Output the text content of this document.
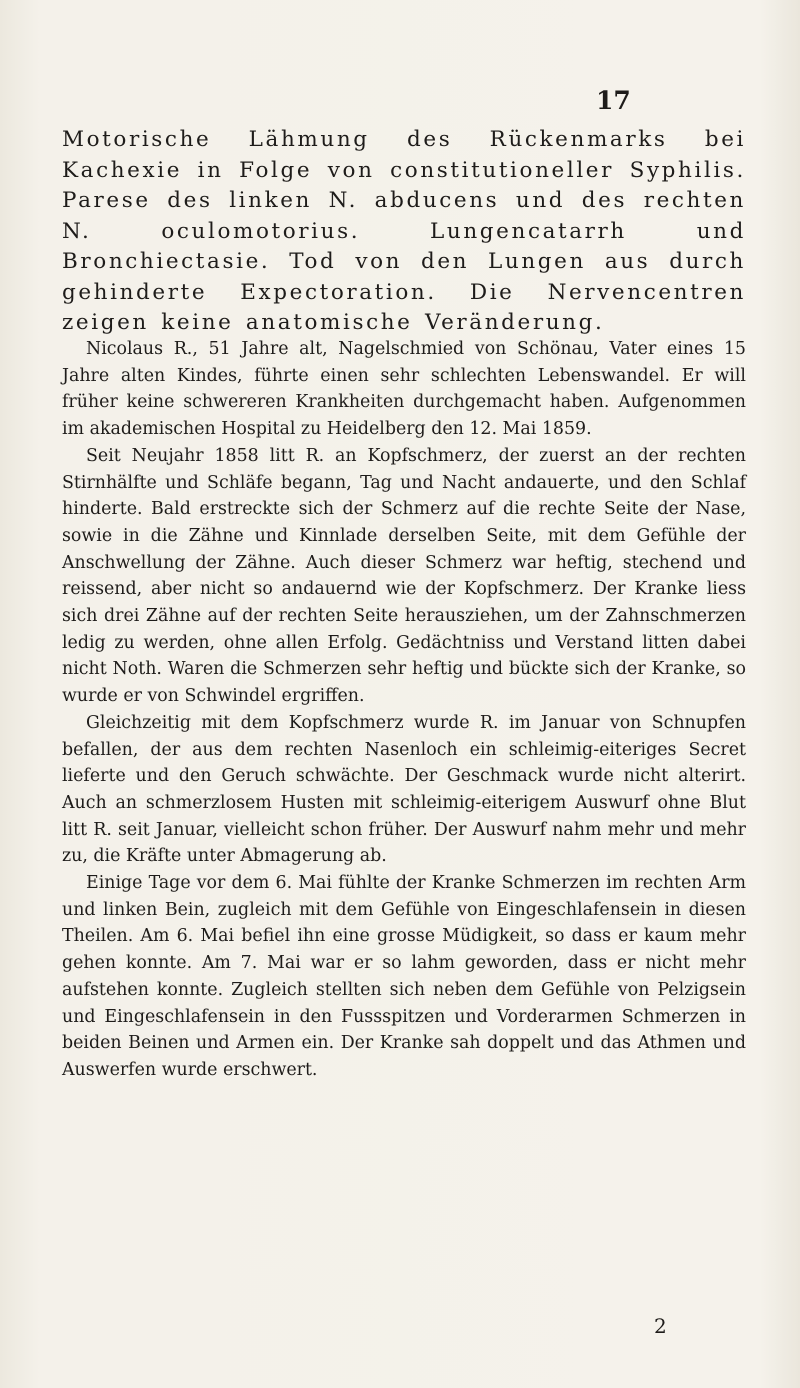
17
Motorische Lähmung des Rückenmarks bei Kachexie in Folge von constitutioneller Syphilis. Parese des linken N. abducens und des rechten N. oculomotorius. Lungencatarrh und Bronchiectasie. Tod von den Lungen aus durch gehinderte Expectoration. Die Nervencentren zeigen keine anatomische Veränderung.

Nicolaus R., 51 Jahre alt, Nagelschmied von Schönau, Vater eines 15 Jahre alten Kindes, führte einen sehr schlechten Lebenswandel. Er will früher keine schwereren Krankheiten durchgemacht haben. Aufgenommen im akademischen Hospital zu Heidelberg den 12. Mai 1859.

Seit Neujahr 1858 litt R. an Kopfschmerz, der zuerst an der rechten Stirnhälfte und Schläfe begann, Tag und Nacht andauerte, und den Schlaf hinderte. Bald erstreckte sich der Schmerz auf die rechte Seite der Nase, sowie in die Zähne und Kinnlade derselben Seite, mit dem Gefühle der Anschwellung der Zähne. Auch dieser Schmerz war heftig, stechend und reissend, aber nicht so andauernd wie der Kopfschmerz. Der Kranke liess sich drei Zähne auf der rechten Seite herausziehen, um der Zahnschmerzen ledig zu werden, ohne allen Erfolg. Gedächtniss und Verstand litten dabei nicht Noth. Waren die Schmerzen sehr heftig und bückte sich der Kranke, so wurde er von Schwindel ergriffen.

Gleichzeitig mit dem Kopfschmerz wurde R. im Januar von Schnupfen befallen, der aus dem rechten Nasenloch ein schleimig-eiteriges Secret lieferte und den Geruch schwächte. Der Geschmack wurde nicht alterirt. Auch an schmerzlosem Husten mit schleimig-eiterigem Auswurf ohne Blut litt R. seit Januar, vielleicht schon früher. Der Auswurf nahm mehr und mehr zu, die Kräfte unter Abmagerung ab.

Einige Tage vor dem 6. Mai fühlte der Kranke Schmerzen im rechten Arm und linken Bein, zugleich mit dem Gefühle von Eingeschlafensein in diesen Theilen. Am 6. Mai befiel ihn eine grosse Müdigkeit, so dass er kaum mehr gehen konnte. Am 7. Mai war er so lahm geworden, dass er nicht mehr aufstehen konnte. Zugleich stellten sich neben dem Gefühle von Pelzigsein und Eingeschlafensein in den Fussspitzen und Vorderarmen Schmerzen in beiden Beinen und Armen ein. Der Kranke sah doppelt und das Athmen und Auswerfen wurde erschwert.

2
